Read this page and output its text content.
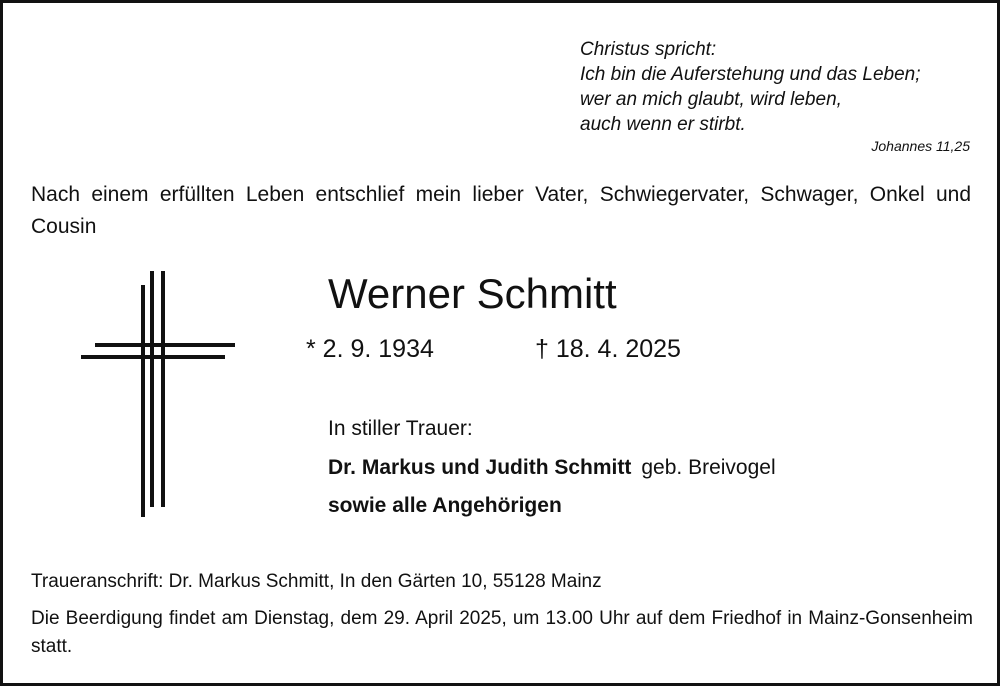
Christus spricht:
Ich bin die Auferstehung und das Leben;
wer an mich glaubt, wird leben,
auch wenn er stirbt.
Johannes 11,25
Nach einem erfüllten Leben entschlief mein lieber Vater, Schwiegervater, Schwager, Onkel und Cousin
Werner Schmitt
* 2. 9. 1934	† 18. 4. 2025
In stiller Trauer:
Dr. Markus und Judith Schmitt geb. Breivogel
sowie alle Angehörigen
Traueranschrift: Dr. Markus Schmitt, In den Gärten 10, 55128 Mainz
Die Beerdigung findet am Dienstag, dem 29. April 2025, um 13.00 Uhr auf dem Friedhof in Mainz-Gonsenheim statt.
